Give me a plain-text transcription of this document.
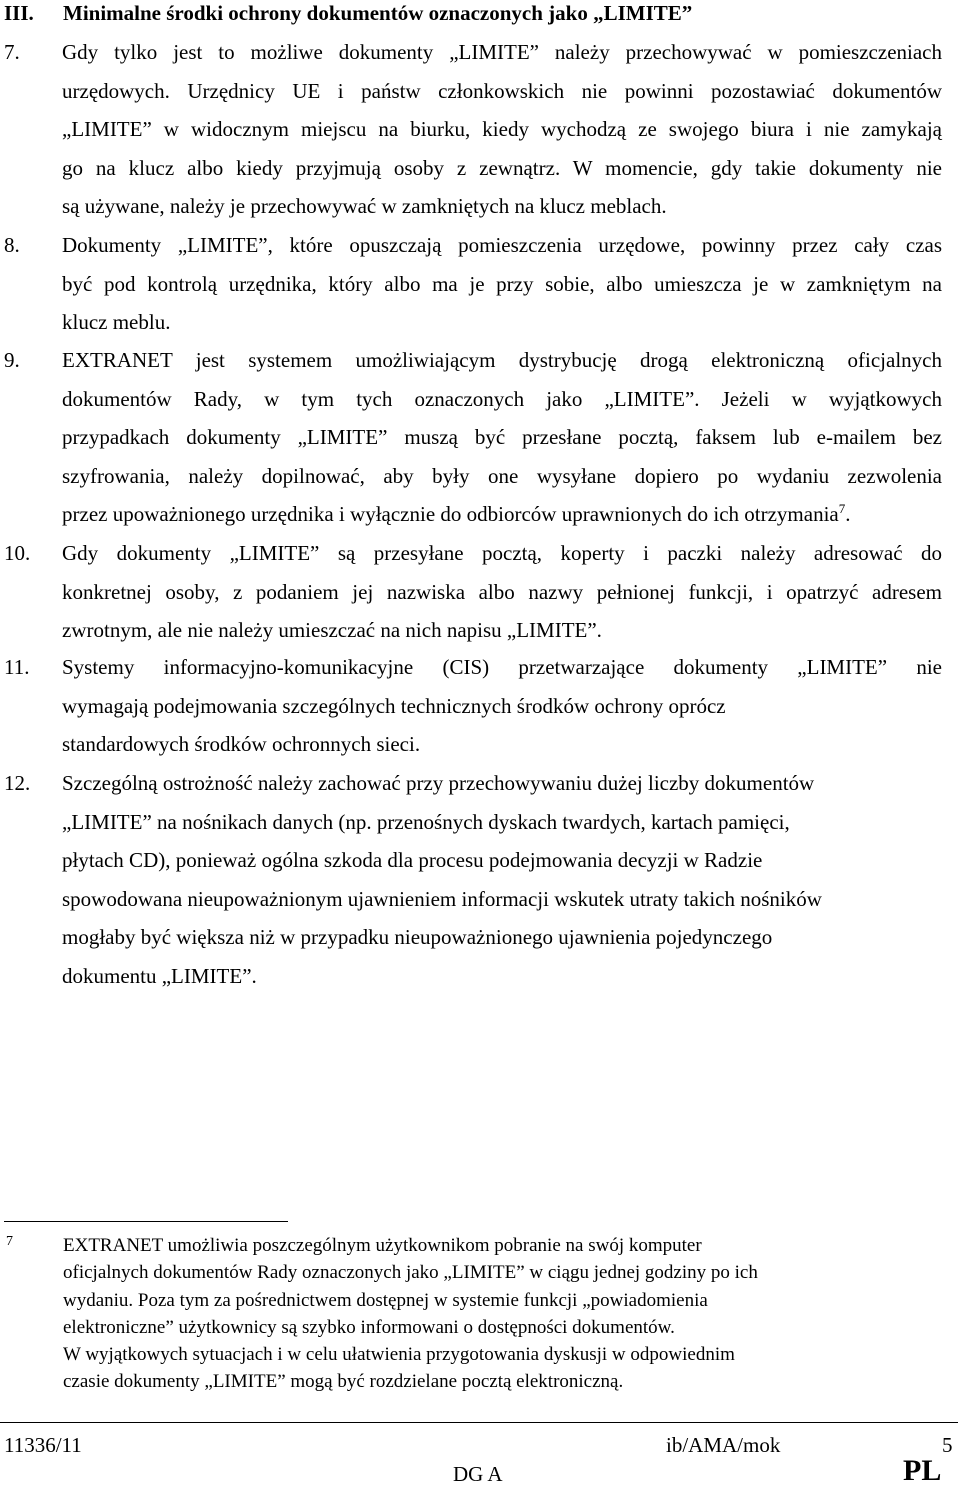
III. Minimalne środki ochrony dokumentów oznaczonych jako „LIMITE”
7. Gdy tylko jest to możliwe dokumenty „LIMITE” należy przechowywać w pomieszczeniach
urzędowych. Urzędnicy UE i państw członkowskich nie powinni pozostawiać dokumentów
„LIMITE” w widocznym miejscu na biurku, kiedy wychodzą ze swojego biura i nie zamykają
go na klucz albo kiedy przyjmują osoby z zewnątrz. W momencie, gdy takie dokumenty nie
są używane, należy je przechowywać w zamkniętych na klucz meblach.
8. Dokumenty „LIMITE”, które opuszczają pomieszczenia urzędowe, powinny przez cały czas
być pod kontrolą urzędnika, który albo ma je przy sobie, albo umieszcza je w zamkniętym na
klucz meblu.
9. EXTRANET jest systemem umożliwiającym dystrybucję drogą elektroniczną oficjalnych
dokumentów Rady, w tym tych oznaczonych jako „LIMITE”. Jeżeli w wyjątkowych
przypadkach dokumenty „LIMITE” muszą być przesłane pocztą, faksem lub e-mailem bez
szyfrowania, należy dopilnować, aby były one wysyłane dopiero po wydaniu zezwolenia
przez upoważnionego urzędnika i wyłącznie do odbiorców uprawnionych do ich otrzymania$^7$.
10. Gdy dokumenty „LIMITE” są przesyłane pocztą, koperty i paczki należy adresować do
konkretnej osoby, z podaniem jej nazwiska albo nazwy pełnionej funkcji, i opatrzyć adresem
zwrotnym, ale nie należy umieszczać na nich napisu „LIMITE”.
11. Systemy informacyjno-komunikacyjne (CIS) przetwarzające dokumenty „LIMITE” nie
wymagają podejmowania szczególnych technicznych środków ochrony oprócz
standardowych środków ochronnych sieci.
12. Szczególną ostrożność należy zachować przy przechowywaniu dużej liczby dokumentów
„LIMITE” na nośnikach danych (np. przenośnych dyskach twardych, kartach pamięci,
płytach CD), ponieważ ogólna szkoda dla procesu podejmowania decyzji w Radzie
spowodowana nieupoważnionym ujawnieniem informacji wskutek utraty takich nośników
mogłaby być większa niż w przypadku nieupoważnionego ujawnienia pojedynczego
dokumentu „LIMITE”.
7	EXTRANET umożliwia poszczególnym użytkownikom pobranie na swój komputer
oficjalnych dokumentów Rady oznaczonych jako „LIMITE” w ciągu jednej godziny po ich
wydaniu. Poza tym za pośrednictwem dostępnej w systemie funkcji „powiadomienia
elektroniczne” użytkownicy są szybko informowani o dostępności dokumentów.
W wyjątkowych sytuacjach i w celu ułatwienia przygotowania dyskusji w odpowiednim
czasie dokumenty „LIMITE” mogą być rozdzielane pocztą elektroniczną.
11336/11	ib/AMA/mok	5
DG A	PL
